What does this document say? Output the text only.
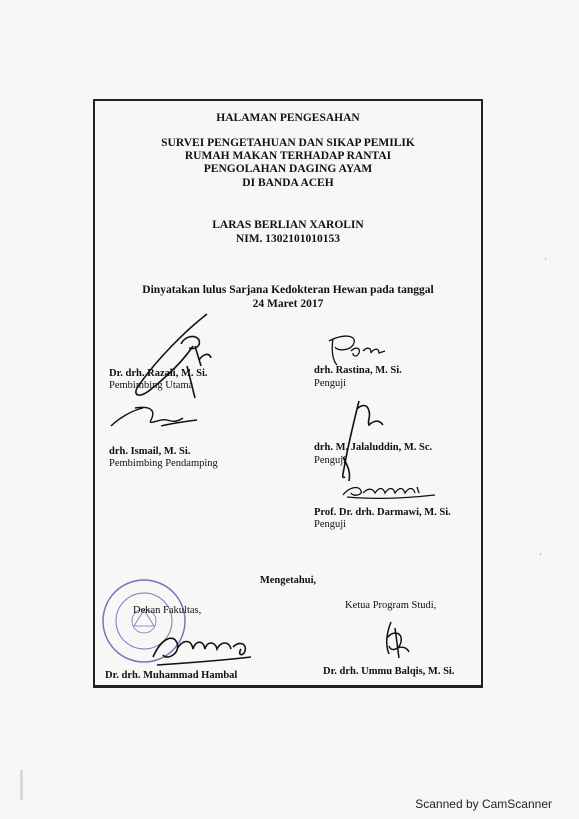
HALAMAN PENGESAHAN
SURVEI PENGETAHUAN DAN SIKAP PEMILIK
RUMAH MAKAN TERHADAP RANTAI
PENGOLAHAN DAGING AYAM
DI BANDA ACEH
LARAS BERLIAN XAROLIN
NIM. 1302101010153
Dinyatakan lulus Sarjana Kedokteran Hewan pada tanggal
24 Maret 2017
Dr. drh. Razali, M. Si.
Pembimbing Utama
drh. Rastina, M. Si.
Penguji
drh. Ismail, M. Si.
Pembimbing Pendamping
drh. M. Jalaluddin, M. Sc.
Penguji
Prof. Dr. drh. Darmawi, M. Si.
Penguji
Mengetahui,
Dekan Fakultas,
Dr. drh. Muhammad Hambal
Ketua Program Studi,
Dr. drh. Ummu Balqis, M. Si.
Scanned by CamScanner
